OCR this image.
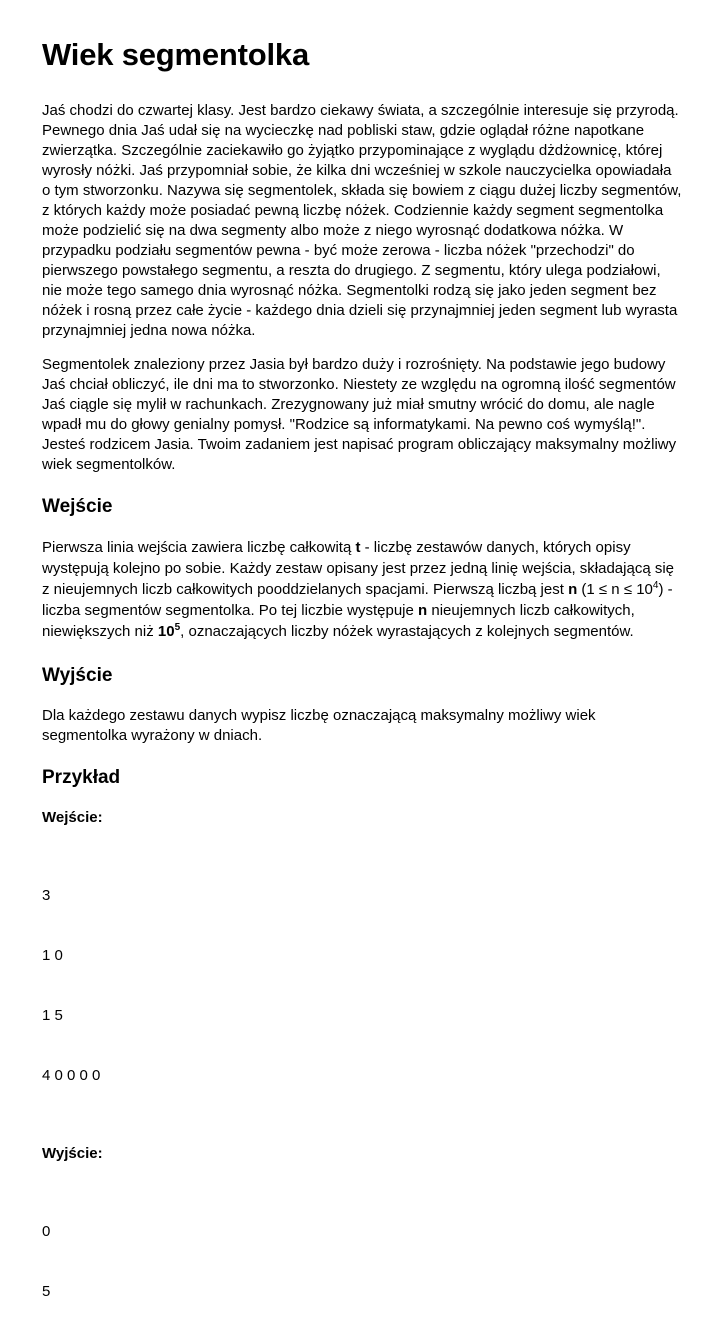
Wiek segmentolka

Jaś chodzi do czwartej klasy. Jest bardzo ciekawy świata, a szczególnie interesuje się przyrodą. Pewnego dnia Jaś udał się na wycieczkę nad pobliski staw, gdzie oglądał różne napotkane zwierzątka. Szczególnie zaciekawiło go żyjątko przypominające z wyglądu dżdżownicę, której wyrosły nóżki. Jaś przypomniał sobie, że kilka dni wcześniej w szkole nauczycielka opowiadała o tym stworzonku. Nazywa się segmentolek, składa się bowiem z ciągu dużej liczby segmentów, z których każdy może posiadać pewną liczbę nóżek. Codziennie każdy segment segmentolka może podzielić się na dwa segmenty albo może z niego wyrosnąć dodatkowa nóżka. W przypadku podziału segmentów pewna - być może zerowa - liczba nóżek "przechodzi" do pierwszego powstałego segmentu, a reszta do drugiego. Z segmentu, który ulega podziałowi, nie może tego samego dnia wyrosnąć nóżka. Segmentolki rodzą się jako jeden segment bez nóżek i rosną przez całe życie - każdego dnia dzieli się przynajmniej jeden segment lub wyrasta przynajmniej jedna nowa nóżka.

Segmentolek znaleziony przez Jasia był bardzo duży i rozrośnięty. Na podstawie jego budowy Jaś chciał obliczyć, ile dni ma to stworzonko. Niestety ze względu na ogromną ilość segmentów Jaś ciągle się mylił w rachunkach. Zrezygnowany już miał smutny wrócić do domu, ale nagle wpadł mu do głowy genialny pomysł. "Rodzice są informatykami. Na pewno coś wymyślą!". Jesteś rodzicem Jasia. Twoim zadaniem jest napisać program obliczający maksymalny możliwy wiek segmentolków.

Wejście

Pierwsza linia wejścia zawiera liczbę całkowitą t - liczbę zestawów danych, których opisy występują kolejno po sobie. Każdy zestaw opisany jest przez jedną linię wejścia, składającą się z nieujemnych liczb całkowitych pooddzielanych spacjami. Pierwszą liczbą jest n $(1 \le n \le 10^4)$ - liczba segmentów segmentolka. Po tej liczbie występuje n nieujemnych liczb całkowitych, niewiększych niż $10^5$, oznaczających liczby nóżek wyrastających z kolejnych segmentów.

Wyjście

Dla każdego zestawu danych wypisz liczbę oznaczającą maksymalny możliwy wiek segmentolka wyrażony w dniach.

Przykład
Wejście:

3

1 0

1 5

4 0 0 0 0

Wyjście:

0

5
